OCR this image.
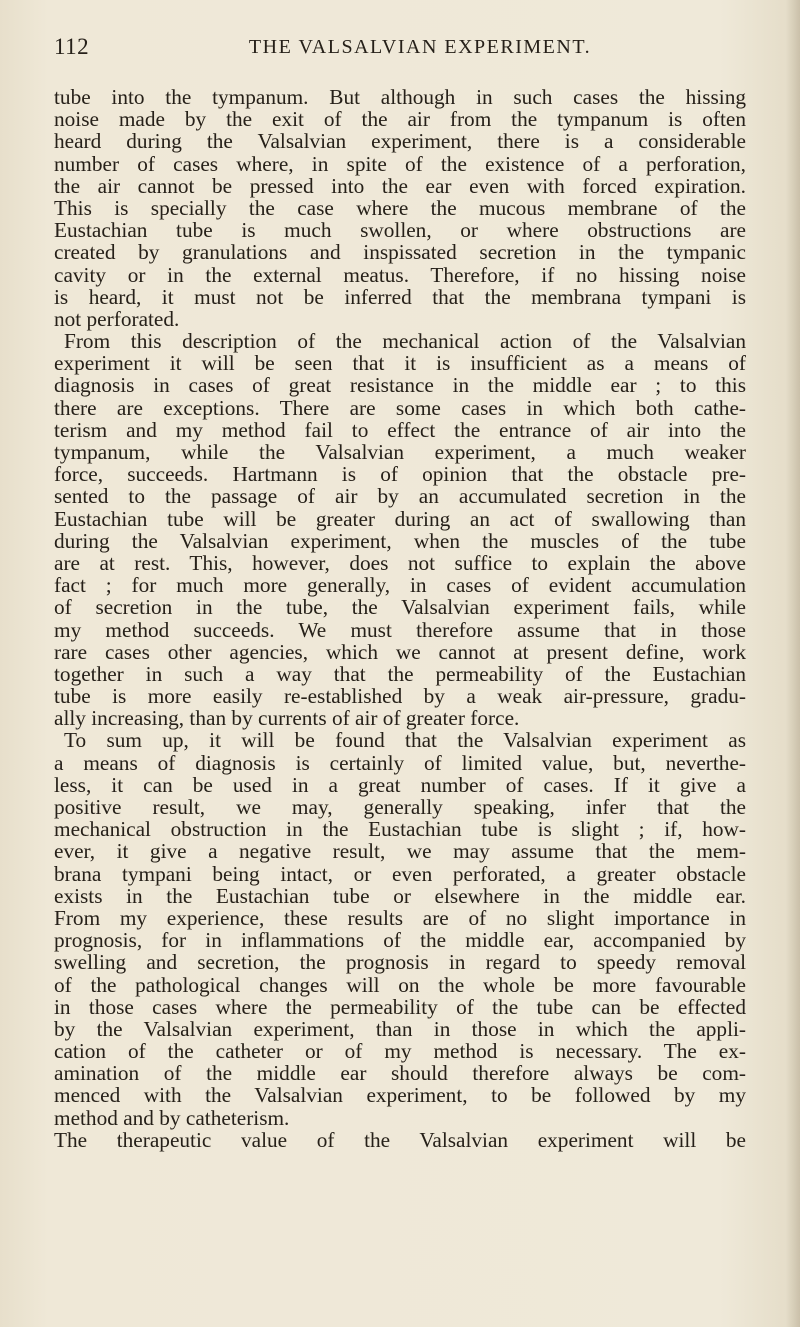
112	THE VALSALVIAN EXPERIMENT.
tube into the tympanum. But although in such cases the hissing
noise made by the exit of the air from the tympanum is often
heard during the Valsalvian experiment, there is a considerable
number of cases where, in spite of the existence of a perforation,
the air cannot be pressed into the ear even with forced expiration.
This is specially the case where the mucous membrane of the
Eustachian tube is much swollen, or where obstructions are
created by granulations and inspissated secretion in the tympanic
cavity or in the external meatus. Therefore, if no hissing noise
is heard, it must not be inferred that the membrana tympani is
not perforated.
From this description of the mechanical action of the Valsalvian
experiment it will be seen that it is insufficient as a means of
diagnosis in cases of great resistance in the middle ear ; to this
there are exceptions. There are some cases in which both cathe-
terism and my method fail to effect the entrance of air into the
tympanum, while the Valsalvian experiment, a much weaker
force, succeeds. Hartmann is of opinion that the obstacle pre-
sented to the passage of air by an accumulated secretion in the
Eustachian tube will be greater during an act of swallowing than
during the Valsalvian experiment, when the muscles of the tube
are at rest. This, however, does not suffice to explain the above
fact ; for much more generally, in cases of evident accumulation
of secretion in the tube, the Valsalvian experiment fails, while
my method succeeds. We must therefore assume that in those
rare cases other agencies, which we cannot at present define, work
together in such a way that the permeability of the Eustachian
tube is more easily re-established by a weak air-pressure, gradu-
ally increasing, than by currents of air of greater force.
To sum up, it will be found that the Valsalvian experiment as
a means of diagnosis is certainly of limited value, but, neverthe-
less, it can be used in a great number of cases. If it give a
positive result, we may, generally speaking, infer that the
mechanical obstruction in the Eustachian tube is slight ; if, how-
ever, it give a negative result, we may assume that the mem-
brana tympani being intact, or even perforated, a greater obstacle
exists in the Eustachian tube or elsewhere in the middle ear.
From my experience, these results are of no slight importance in
prognosis, for in inflammations of the middle ear, accompanied by
swelling and secretion, the prognosis in regard to speedy removal
of the pathological changes will on the whole be more favourable
in those cases where the permeability of the tube can be effected
by the Valsalvian experiment, than in those in which the appli-
cation of the catheter or of my method is necessary. The ex-
amination of the middle ear should therefore always be com-
menced with the Valsalvian experiment, to be followed by my
method and by catheterism.
The therapeutic value of the Valsalvian experiment will be
